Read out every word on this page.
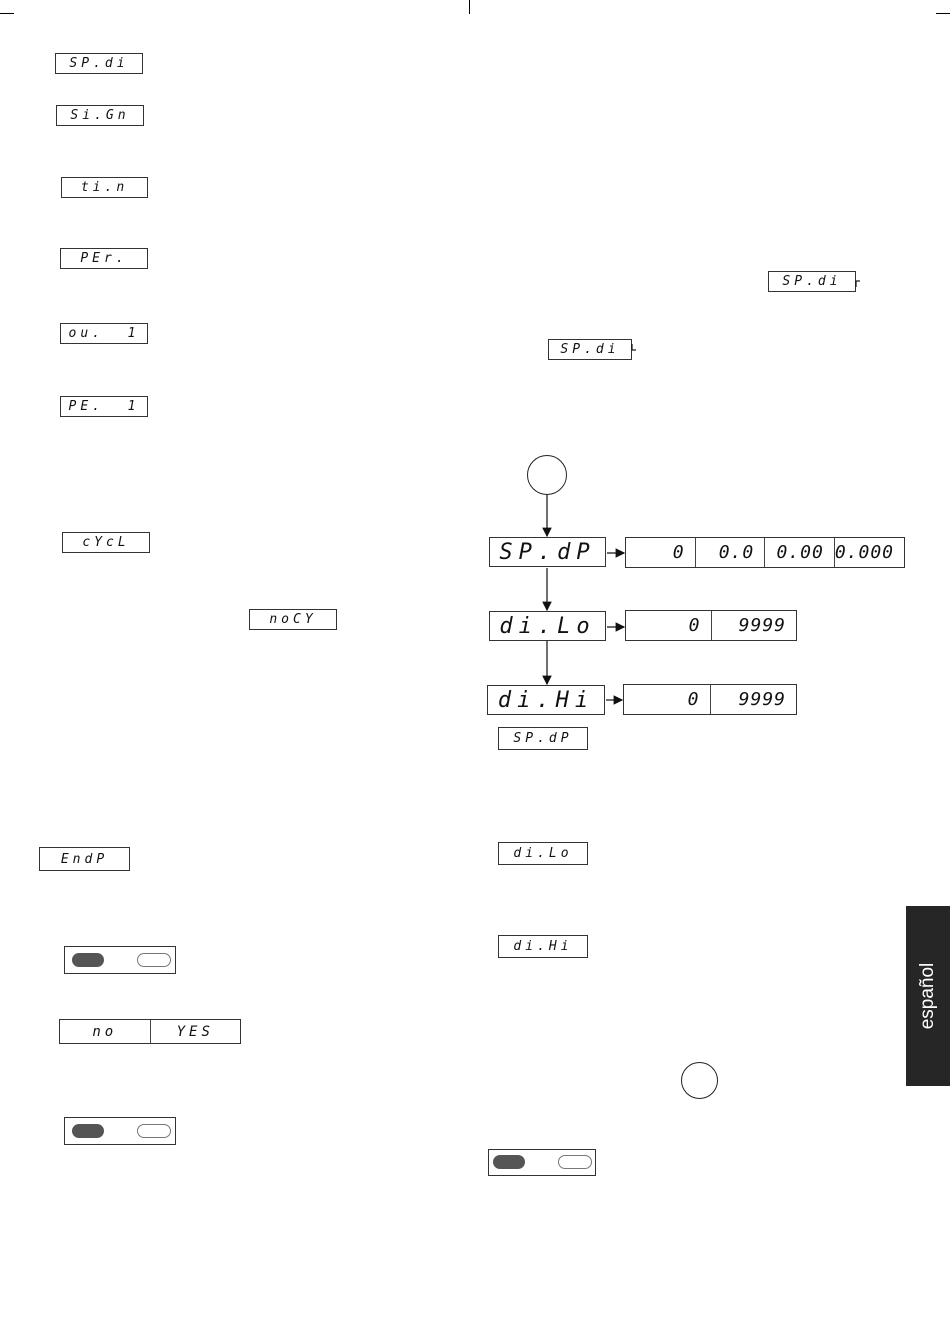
SP.di
Si.Gn
ti.n
PEr.
ou.  1
PE.  1
cYcL
noCY
EndP
no	YES
SP.di
SP.di
SP.dP	0	0.0	0.00 0.000
di.Lo	0	9999
di.Hi	0	9999
SP.dP
di.Lo
di.Hi
español
